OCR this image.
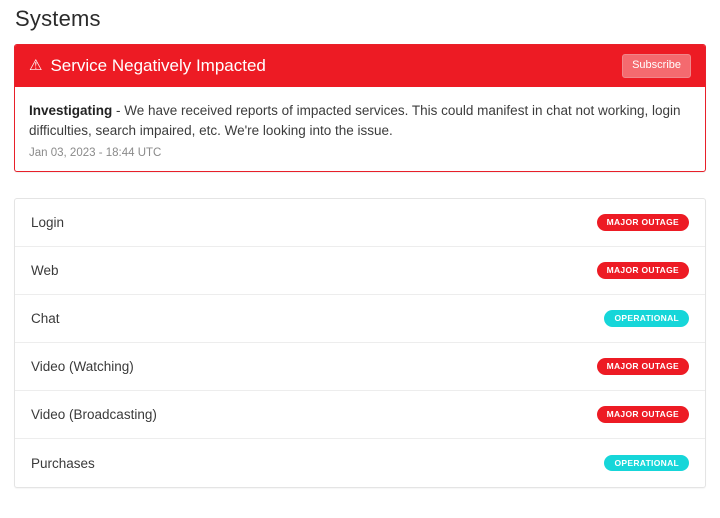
Systems
⚠ Service Negatively Impacted	Subscribe

Investigating - We have received reports of impacted services. This could manifest in chat not working, login difficulties, search impaired, etc. We're looking into the issue.

Jan 03, 2023 - 18:44 UTC
Login	MAJOR OUTAGE
Web	MAJOR OUTAGE
Chat	OPERATIONAL
Video (Watching)	MAJOR OUTAGE
Video (Broadcasting)	MAJOR OUTAGE
Purchases	OPERATIONAL
